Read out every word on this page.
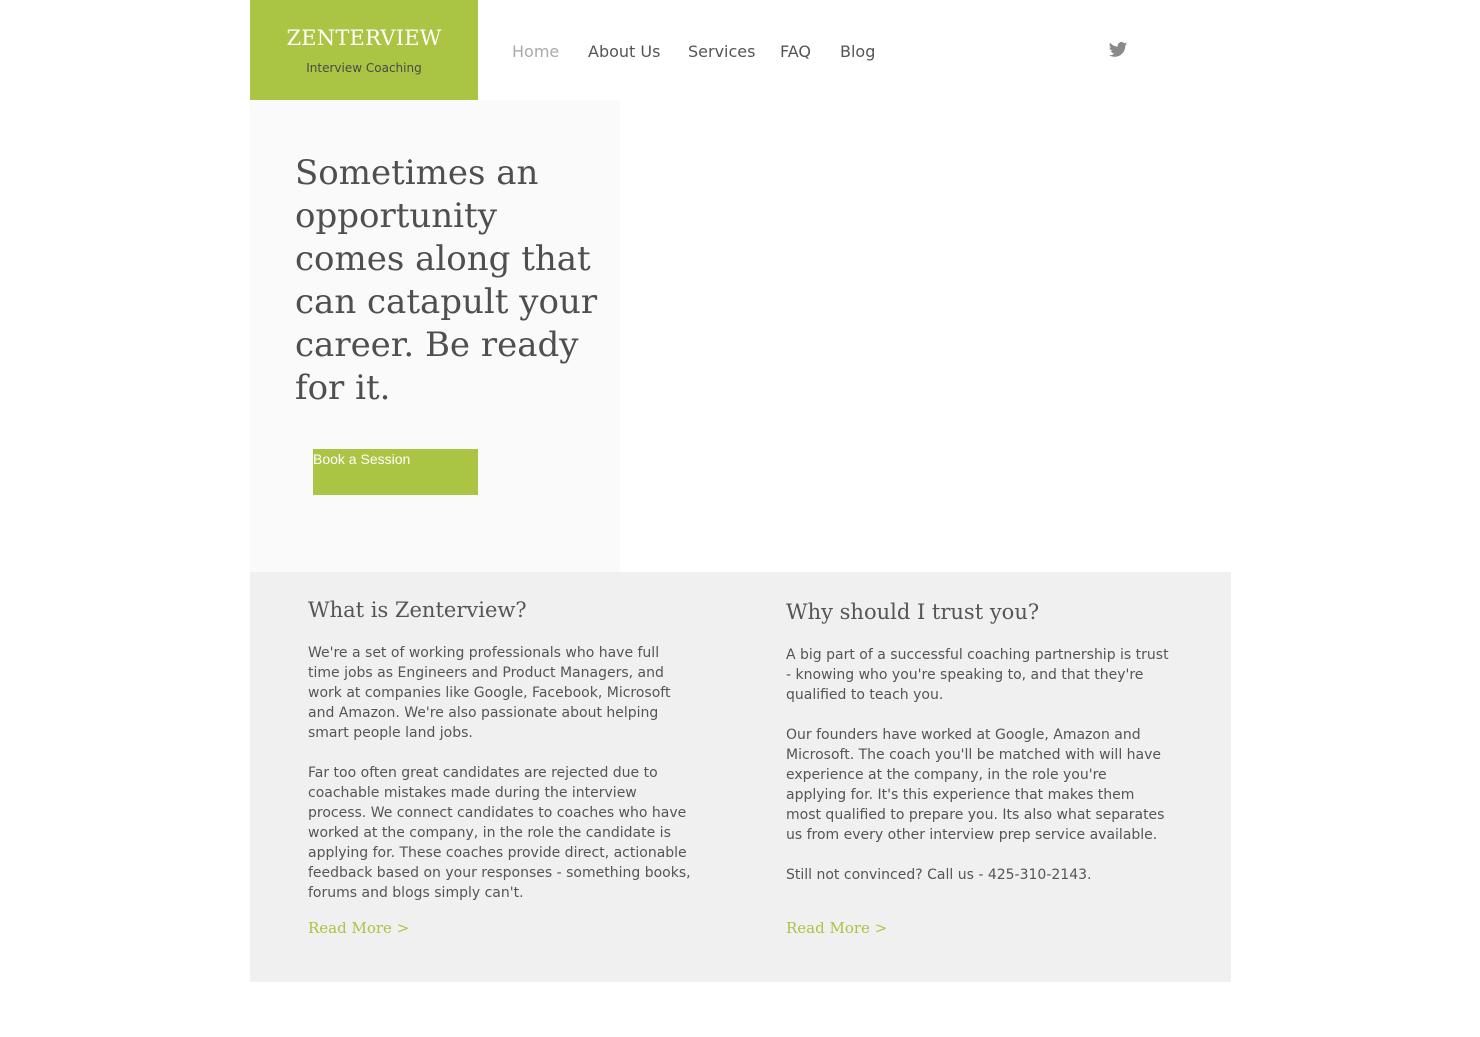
ZENTERVIEW
Interview Coaching
Home About Us Services FAQ Blog
Sometimes an opportunity comes along that can catapult your career. Be ready for it.
Book a Session
What is Zenterview?

We're a set of working professionals who have full time jobs as Engineers and Product Managers, and work at companies like Google, Facebook, Microsoft and Amazon. We're also passionate about helping smart people land jobs.

Far too often great candidates are rejected due to coachable mistakes made during the interview process. We connect candidates to coaches who have worked at the company, in the role the candidate is applying for. These coaches provide direct, actionable feedback based on your responses - something books, forums and blogs simply can't.

Read More >
Why should I trust you?

A big part of a successful coaching partnership is trust - knowing who you're speaking to, and that they're qualified to teach you.

Our founders have worked at Google, Amazon and Microsoft. The coach you'll be matched with will have experience at the company, in the role you're applying for. It's this experience that makes them most qualified to prepare you. Its also what separates us from every other interview prep service available.

Still not convinced? Call us - 425-310-2143.

Read More >
